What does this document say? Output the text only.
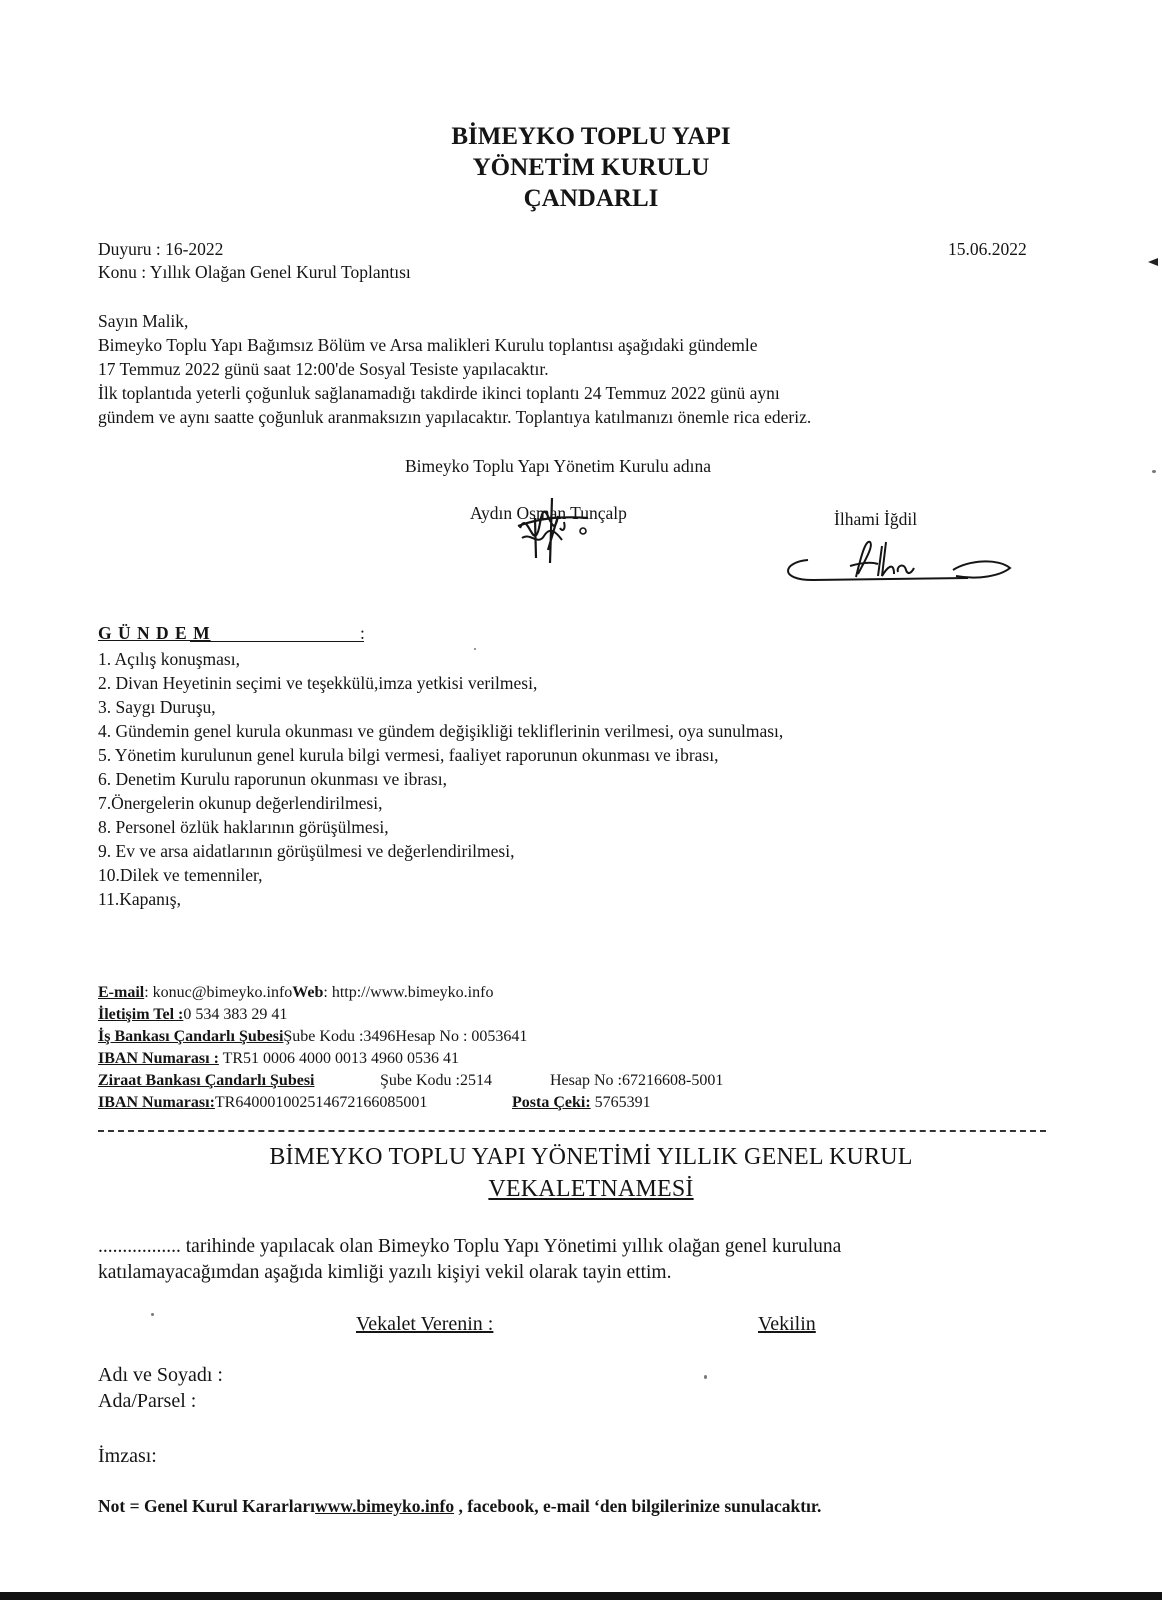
BİMEYKO TOPLU YAPI
YÖNETİM KURULU
ÇANDARLI
Duyuru : 16-2022
Konu : Yıllık Olağan Genel Kurul Toplantısı
15.06.2022
Sayın Malik,
Bimeyko Toplu Yapı Bağımsız Bölüm ve Arsa malikleri Kurulu toplantısı aşağıdaki gündemle
17 Temmuz 2022 günü saat 12:00'de Sosyal Tesiste yapılacaktır.
İlk toplantıda yeterli çoğunluk sağlanamadığı takdirde ikinci toplantı 24 Temmuz 2022 günü aynı
gündem ve aynı saatte çoğunluk aranmaksızın yapılacaktır. Toplantıya katılmanızı önemle rica ederiz.
Bimeyko Toplu Yapı Yönetim Kurulu adına
Aydın Osman Tunçalp	İlhami İğdil
G Ü N D E M	:
1. Açılış konuşması,
2. Divan Heyetinin seçimi ve teşekkülü,imza yetkisi verilmesi,
3. Saygı Duruşu,
4. Gündemin genel kurula okunması ve gündem değişikliği tekliflerinin verilmesi, oya sunulması,
5. Yönetim kurulunun genel kurula bilgi vermesi, faaliyet raporunun okunması ve ibrası,
6. Denetim Kurulu raporunun okunması ve ibrası,
7.Önergelerin okunup değerlendirilmesi,
8. Personel özlük haklarının görüşülmesi,
9. Ev ve arsa aidatlarının görüşülmesi ve değerlendirilmesi,
10.Dilek ve temenniler,
11.Kapanış,
E-mail: konuc@bimeyko.infoWeb: http://www.bimeyko.info
İletişim Tel :0 534 383 29 41
İş Bankası Çandarlı ŞubesiŞube Kodu :3496Hesap No : 0053641
IBAN Numarası : TR51 0006 4000 0013 4960 0536 41
Ziraat Bankası Çandarlı Şubesi	Şube Kodu :2514	Hesap No :67216608-5001
IBAN Numarası:TR640001002514672166085001	Posta Çeki: 5765391
BİMEYKO TOPLU YAPI YÖNETİMİ YILLIK GENEL KURUL
VEKALETNAMESİ
................. tarihinde yapılacak olan Bimeyko Toplu Yapı Yönetimi yıllık olağan genel kuruluna
katılamayacağımdan aşağıda kimliği yazılı kişiyi vekil olarak tayin ettim.
Vekalet Verenin :	Vekilin
Adı ve Soyadı :
Ada/Parsel :
İmzası:
Not = Genel Kurul Kararlarıwww.bimeyko.info , facebook, e-mail ‘den bilgilerinize sunulacaktır.
